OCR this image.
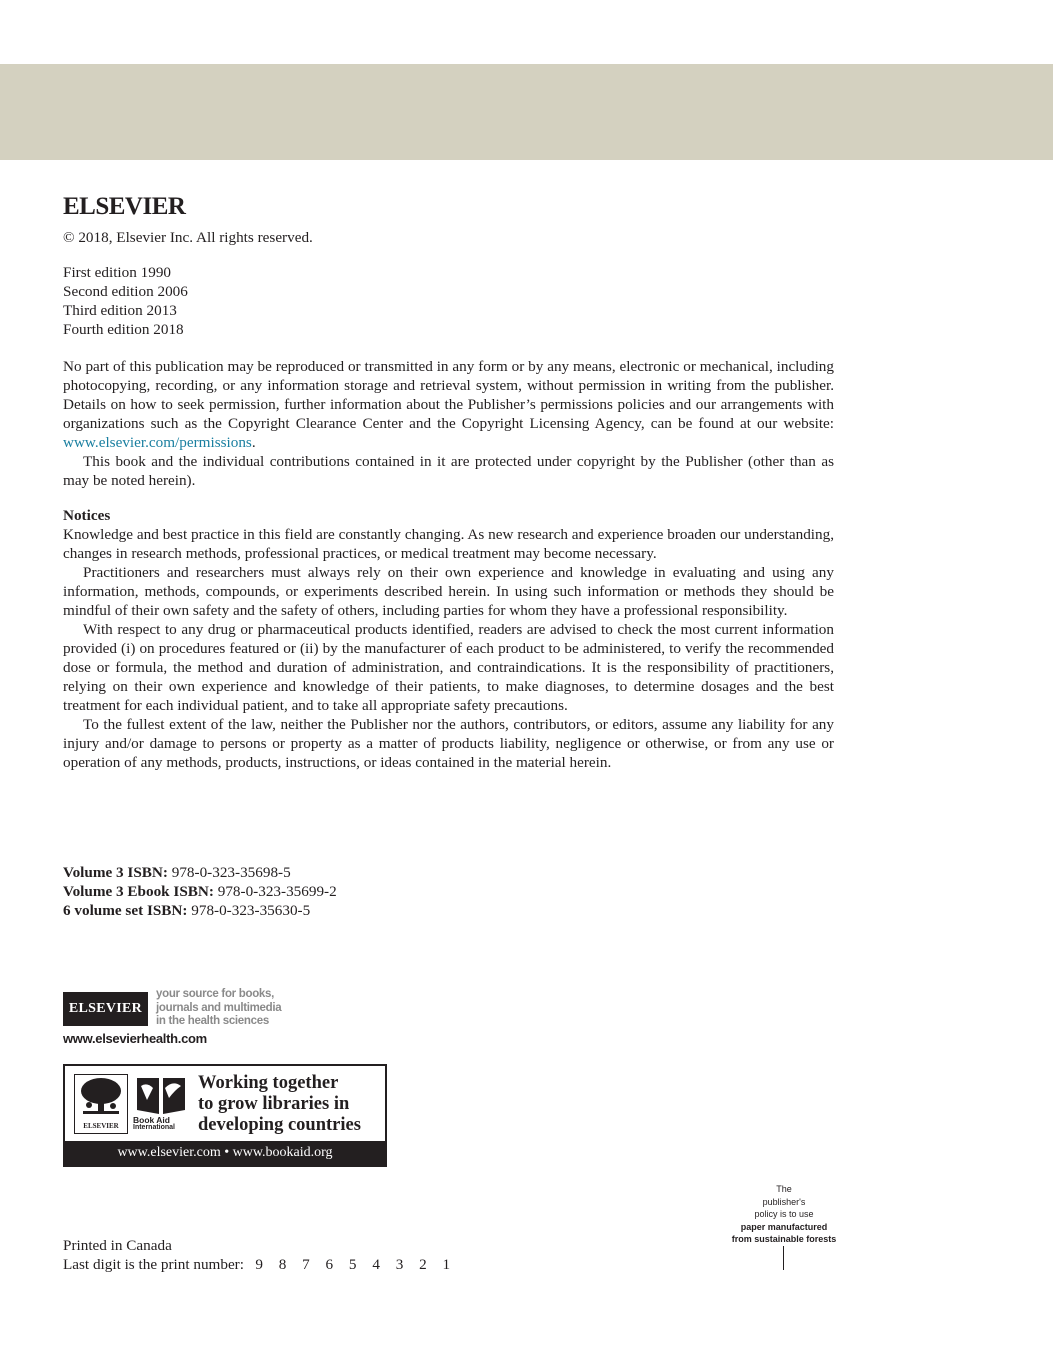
ELSEVIER
© 2018, Elsevier Inc. All rights reserved.
First edition 1990
Second edition 2006
Third edition 2013
Fourth edition 2018

No part of this publication may be reproduced or transmitted in any form or by any means, electronic or mechanical, including photocopying, recording, or any information storage and retrieval system, without permission in writing from the publisher. Details on how to seek permission, further information about the Publisher’s permissions policies and our arrangements with organizations such as the Copyright Clearance Center and the Copyright Licensing Agency, can be found at our website: www.elsevier.com/permissions.

This book and the individual contributions contained in it are protected under copyright by the Publisher (other than as may be noted herein).

Notices

Knowledge and best practice in this field are constantly changing. As new research and experience broaden our understanding, changes in research methods, professional practices, or medical treatment may become necessary.

Practitioners and researchers must always rely on their own experience and knowledge in evaluating and using any information, methods, compounds, or experiments described herein. In using such information or methods they should be mindful of their own safety and the safety of others, including parties for whom they have a professional responsibility.

With respect to any drug or pharmaceutical products identified, readers are advised to check the most current information provided (i) on procedures featured or (ii) by the manufacturer of each product to be administered, to verify the recommended dose or formula, the method and duration of administration, and contraindications. It is the responsibility of practitioners, relying on their own experience and knowledge of their patients, to make diagnoses, to determine dosages and the best treatment for each individual patient, and to take all appropriate safety precautions.

To the fullest extent of the law, neither the Publisher nor the authors, contributors, or editors, assume any liability for any injury and/or damage to persons or property as a matter of products liability, negligence or otherwise, or from any use or operation of any methods, products, instructions, or ideas contained in the material herein.

Volume 3 ISBN: 978-0-323-35698-5
Volume 3 Ebook ISBN: 978-0-323-35699-2
6 volume set ISBN: 978-0-323-35630-5
ELSEVIER
your source for books,
journals and multimedia
in the health sciences
www.elsevierhealth.com
ELSEVIER
Book Aid
International
Working together
to grow libraries in
developing countries
www.elsevier.com • www.bookaid.org
The
publisher's
policy is to use
paper manufactured
from sustainable forests
Printed in Canada
Last digit is the print number: 9 8 7 6 5 4 3 2 1
